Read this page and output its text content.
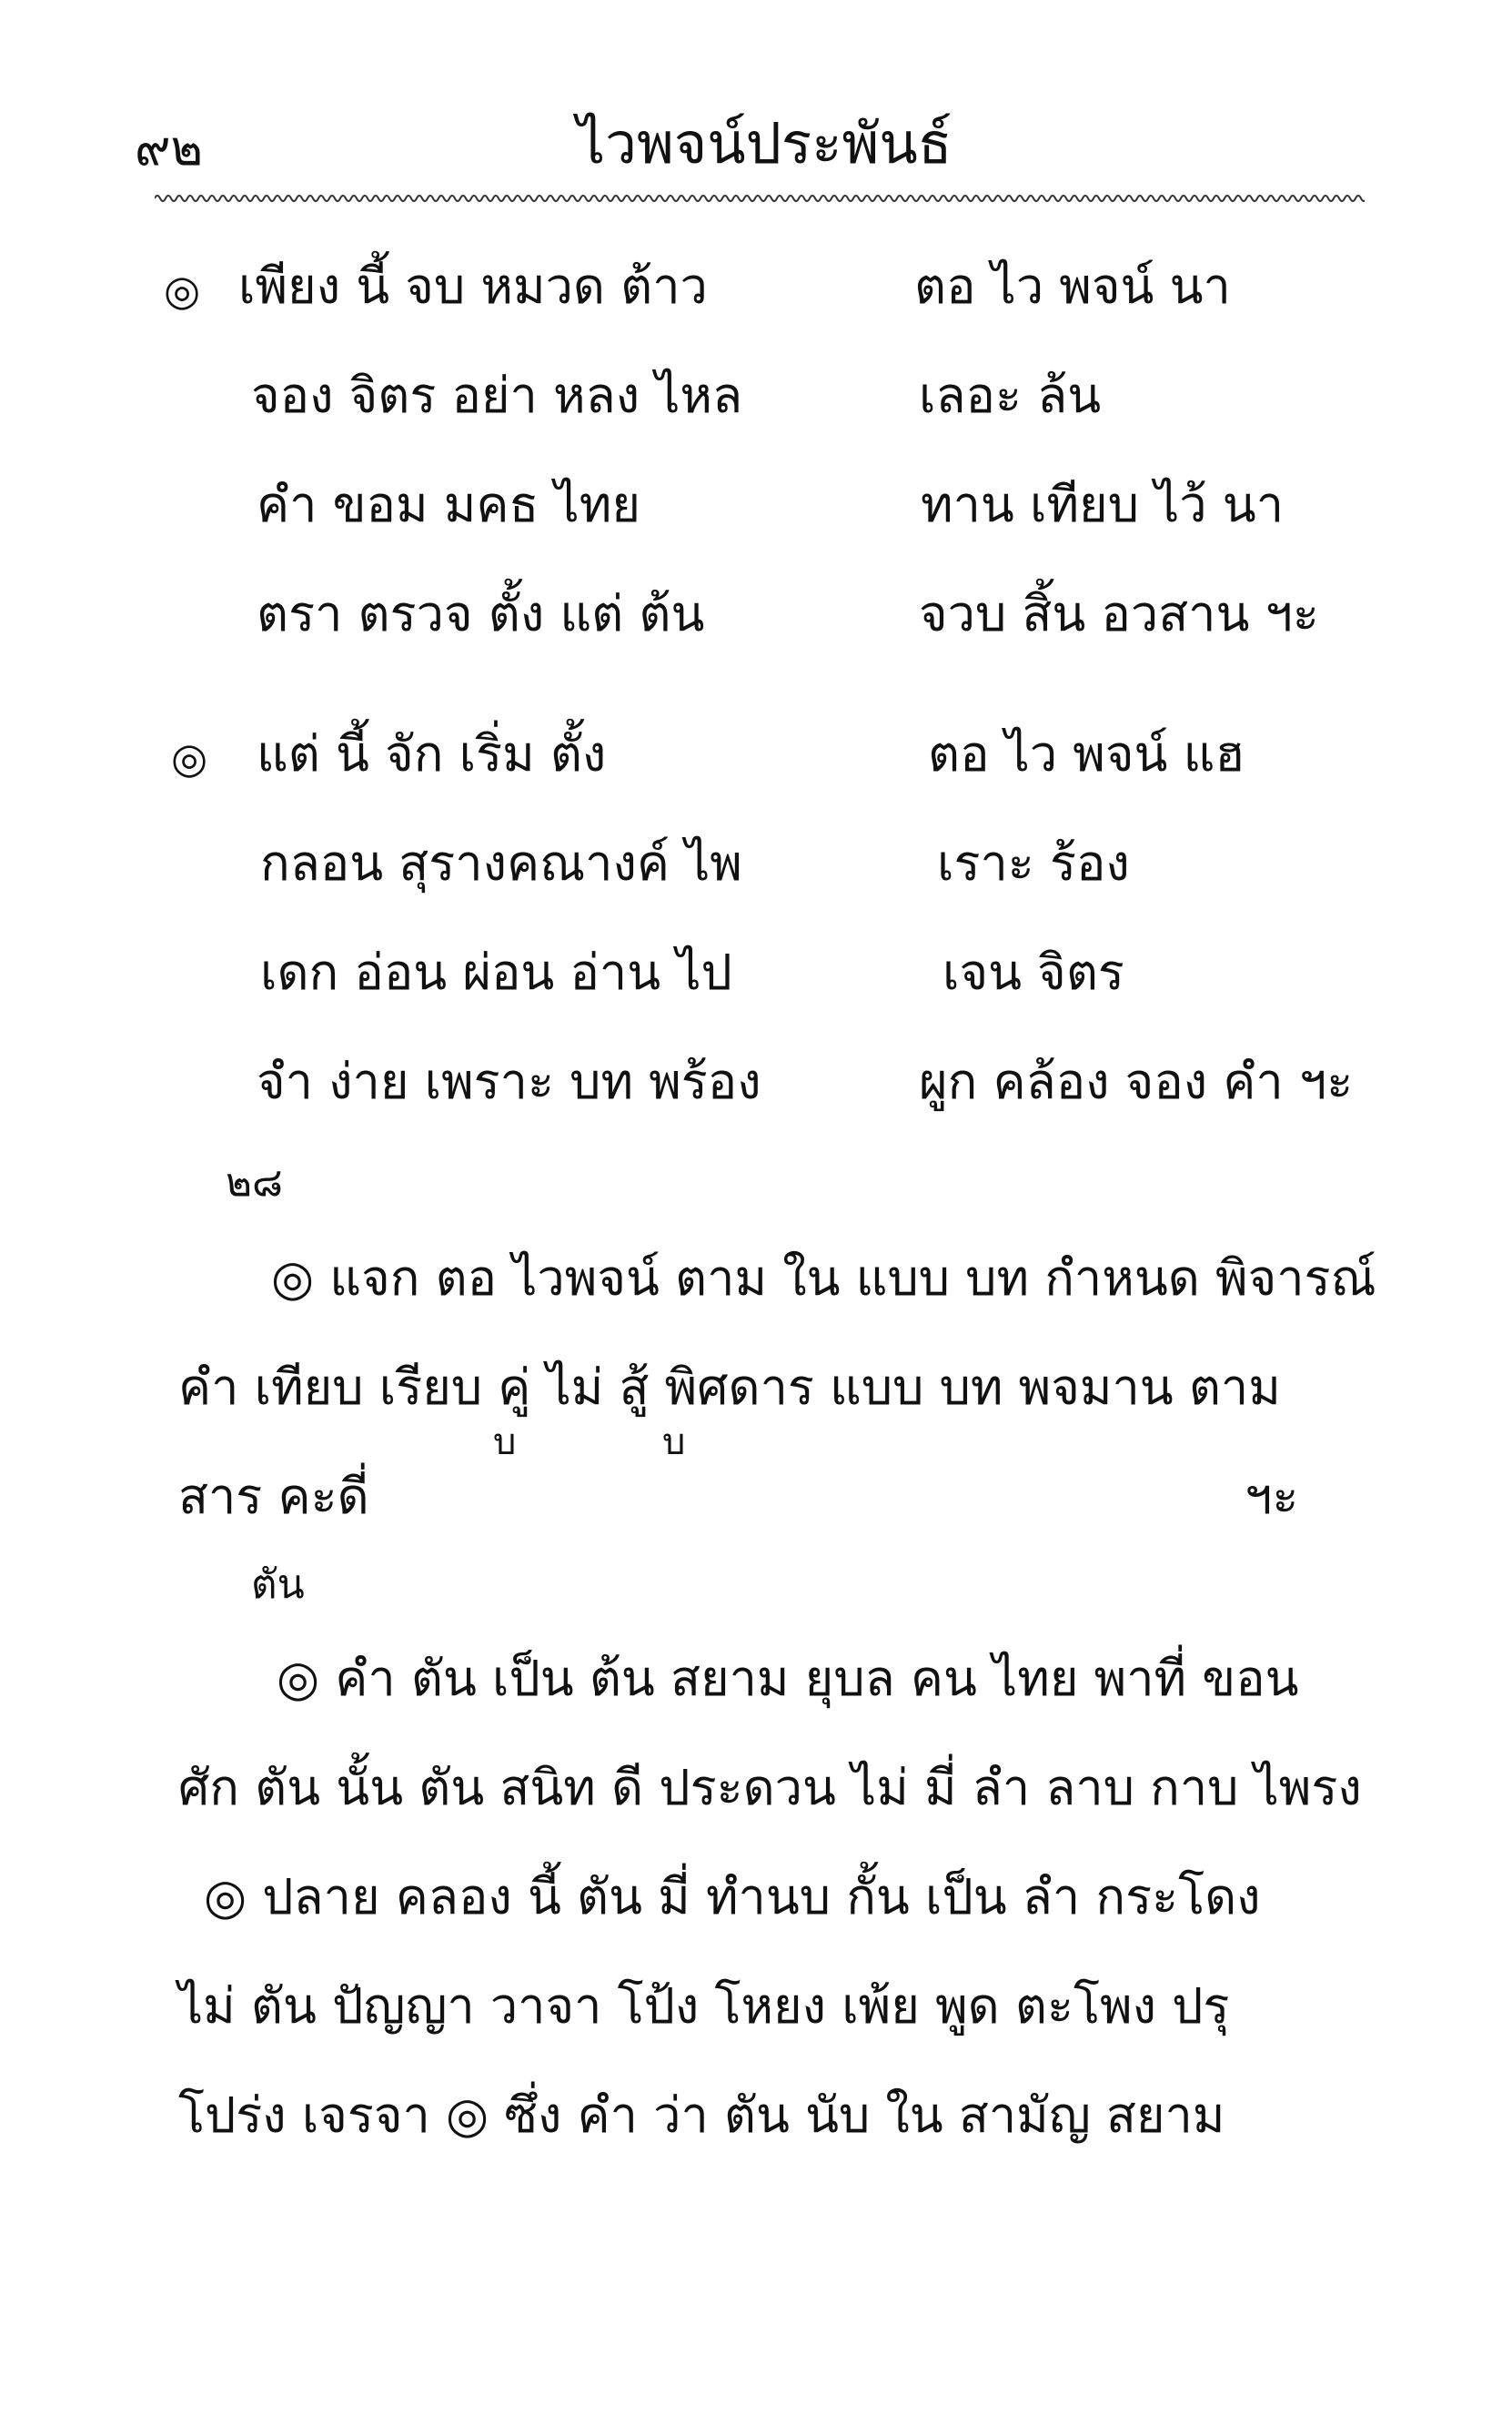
๙๒	ไวพจน์ประพันธ์
◎ เพียง นี้ จบ หมวด ต้าว	ตอ ไว พจน์ นา
จอง จิตร อย่า หลง ไหล	เลอะ ล้น
คำ ขอม มคธ ไทย	ทาน เทียบ ไว้ นา
ตรา ตรวจ ตั้ง แต่ ต้น	จวบ สิ้น อวสาน ฯะ
◎ แต่ นี้ จัก เริ่ม ตั้ง	ตอ ไว พจน์ แฮ
กลอน สุรางคณางค์ ไพ	เราะ ร้อง
เดก อ่อน ผ่อน อ่าน ไป	เจน จิตร
จำ ง่าย เพราะ บท พร้อง	ผูก คล้อง จอง คำ ฯะ
๒๘
◎ แจก ตอ ไวพจน์ ตาม ใน แบบ บท กำหนด พิจารณ์
คำ เทียบ เรียบ คู่ ไม่ สู้ พิศดาร แบบ บท พจมาน ตาม
บ	บ
สาร คะดี่	ฯะ
ตัน
◎ คำ ตัน เป็น ต้น สยาม ยุบล คน ไทย พาที่ ขอน
ศัก ตัน นั้น ตัน สนิท ดี ประดวน ไม่ มี่ ลำ ลาบ กาบ ไพรง
◎ ปลาย คลอง นี้ ตัน มี่ ทำนบ กั้น เป็น ลำ กระโดง
ไม่ ตัน ปัญญา วาจา โป้ง โหยง เพ้ย พูด ตะโพง ปรุ
โปร่ง เจรจา ◎ ซึ่ง คำ ว่า ตัน นับ ใน สามัญ สยาม
